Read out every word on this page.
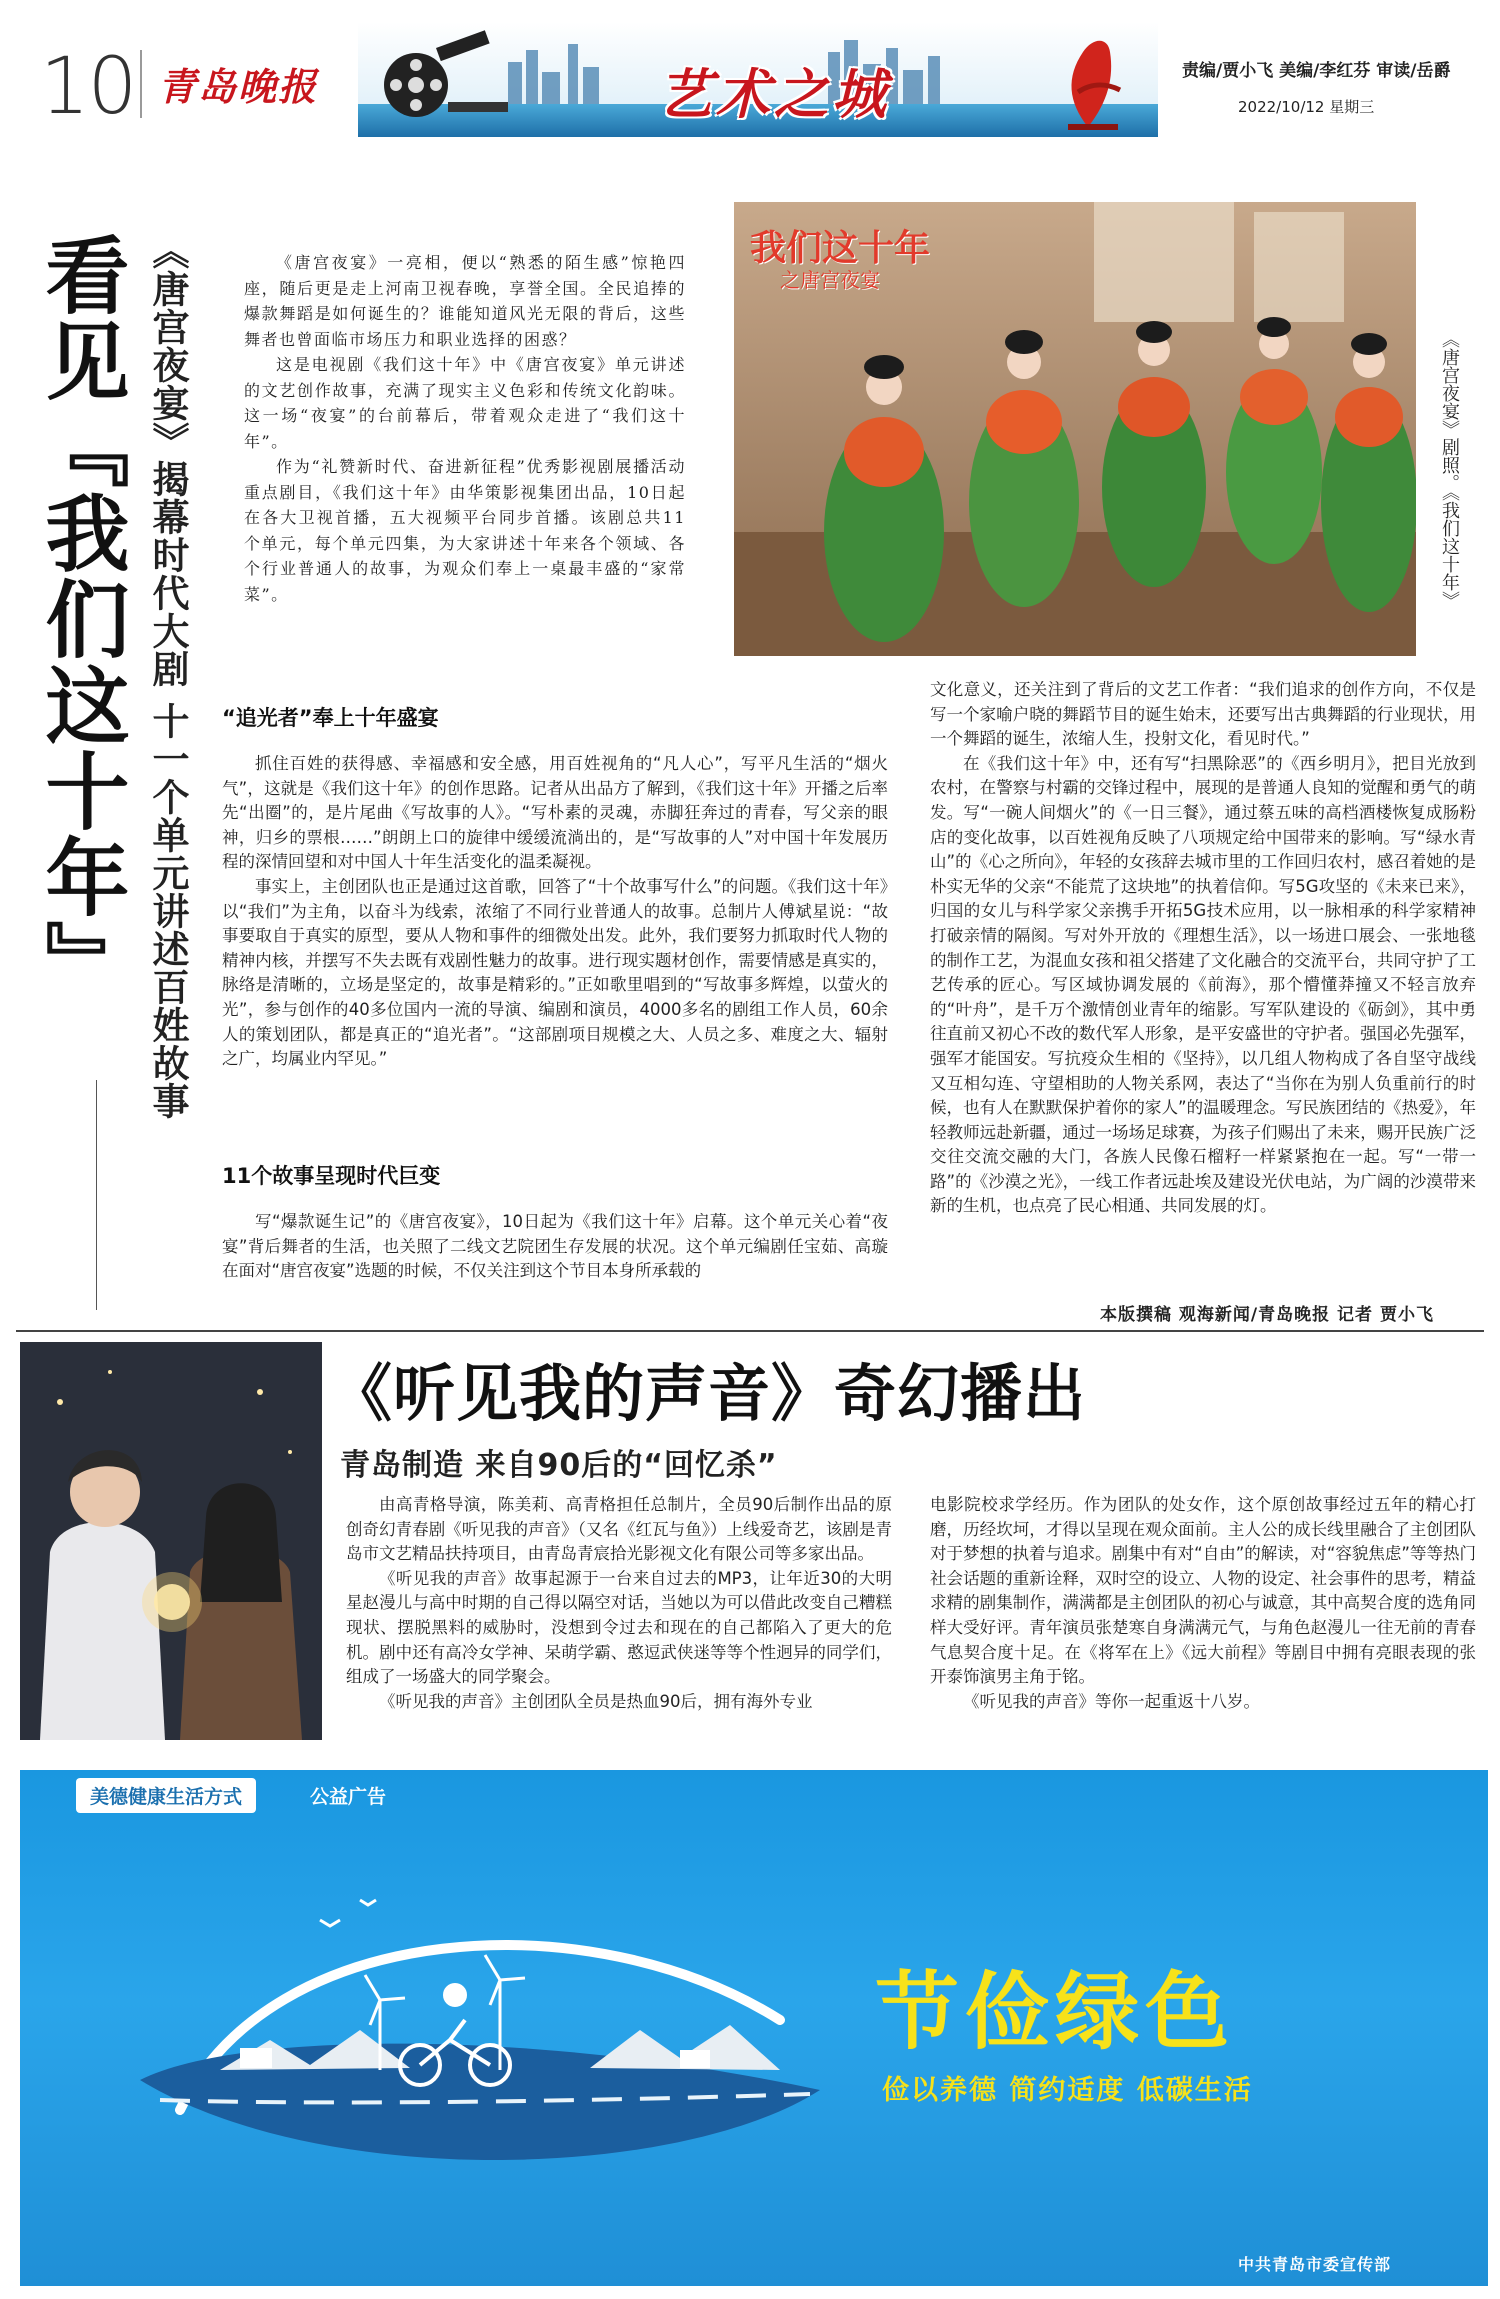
10 青岛晚报	艺术之城	责编/贾小飞 美编/李红芬 审读/岳爵
2022/10/12 星期三
看见『我们这十年』 《唐宫夜宴》揭幕时代大剧 十一个单元讲述百姓故事	《唐宫夜宴》一亮相，便以“熟悉的陌生感”惊艳四座，随后更是走上河南卫视春晚，享誉全国。全民追捧的爆款舞蹈是如何诞生的？谁能知道风光无限的背后，这些舞者也曾面临市场压力和职业选择的困惑？

这是电视剧《我们这十年》中《唐宫夜宴》单元讲述的文艺创作故事，充满了现实主义色彩和传统文化韵味。这一场“夜宴”的台前幕后，带着观众走进了“我们这十年”。

作为“礼赞新时代、奋进新征程”优秀影视剧展播活动重点剧目，《我们这十年》由华策影视集团出品，10日起在各大卫视首播，五大视频平台同步首播。该剧总共11个单元，每个单元四集，为大家讲述十年来各个领域、各个行业普通人的故事，为观众们奉上一桌最丰盛的“家常菜”。

我们这十年
之唐宫夜宴
《唐宫夜宴》剧照。《我们这十年》
“追光者”奉上十年盛宴

抓住百姓的获得感、幸福感和安全感，用百姓视角的“凡人心”，写平凡生活的“烟火气”，这就是《我们这十年》的创作思路。记者从出品方了解到，《我们这十年》开播之后率先“出圈”的，是片尾曲《写故事的人》。“写朴素的灵魂，赤脚狂奔过的青春，写父亲的眼神，归乡的票根……”朗朗上口的旋律中缓缓流淌出的，是“写故事的人”对中国十年发展历程的深情回望和对中国人十年生活变化的温柔凝视。

事实上，主创团队也正是通过这首歌，回答了“十个故事写什么”的问题。《我们这十年》以“我们”为主角，以奋斗为线索，浓缩了不同行业普通人的故事。总制片人傅斌星说：“故事要取自于真实的原型，要从人物和事件的细微处出发。此外，我们要努力抓取时代人物的精神内核，并摆写不失去既有戏剧性魅力的故事。进行现实题材创作，需要情感是真实的，脉络是清晰的，立场是坚定的，故事是精彩的。”正如歌里唱到的“写故事多辉煌，以萤火的光”，参与创作的40多位国内一流的导演、编剧和演员，4000多名的剧组工作人员，60余人的策划团队，都是真正的“追光者”。“这部剧项目规模之大、人员之多、难度之大、辐射之广，均属业内罕见。”

11个故事呈现时代巨变

写“爆款诞生记”的《唐宫夜宴》，10日起为《我们这十年》启幕。这个单元关心着“夜宴”背后舞者的生活，也关照了二线文艺院团生存发展的状况。这个单元编剧任宝茹、高璇在面对“唐宫夜宴”选题的时候，不仅关注到这个节目本身所承载的

文化意义，还关注到了背后的文艺工作者：“我们追求的创作方向，不仅是写一个家喻户晓的舞蹈节目的诞生始末，还要写出古典舞蹈的行业现状，用一个舞蹈的诞生，浓缩人生，投射文化，看见时代。”

在《我们这十年》中，还有写“扫黑除恶”的《西乡明月》，把目光放到农村，在警察与村霸的交锋过程中，展现的是普通人良知的觉醒和勇气的萌发。写“一碗人间烟火”的《一日三餐》，通过蔡五味的高档酒楼恢复成肠粉店的变化故事，以百姓视角反映了八项规定给中国带来的影响。写“绿水青山”的《心之所向》，年轻的女孩辞去城市里的工作回归农村，感召着她的是朴实无华的父亲“不能荒了这块地”的执着信仰。写5G攻坚的《未来已来》，归国的女儿与科学家父亲携手开拓5G技术应用，以一脉相承的科学家精神打破亲情的隔阂。写对外开放的《理想生活》，以一场进口展会、一张地毯的制作工艺，为混血女孩和祖父搭建了文化融合的交流平台，共同守护了工艺传承的匠心。写区域协调发展的《前海》，那个懵懂莽撞又不轻言放弃的“叶舟”，是千万个激情创业青年的缩影。写军队建设的《砺剑》，其中勇往直前又初心不改的数代军人形象，是平安盛世的守护者。强国必先强军，强军才能国安。写抗疫众生相的《坚持》，以几组人物构成了各自坚守战线又互相勾连、守望相助的人物关系网，表达了“当你在为别人负重前行的时候，也有人在默默保护着你的家人”的温暖理念。写民族团结的《热爱》，年轻教师远赴新疆，通过一场场足球赛，为孩子们赐出了未来，赐开民族广泛交往交流交融的大门，各族人民像石榴籽一样紧紧抱在一起。写“一带一路”的《沙漠之光》，一线工作者远赴埃及建设光伏电站，为广阔的沙漠带来新的生机，也点亮了民心相通、共同发展的灯。

本版撰稿 观海新闻/青岛晚报 记者 贾小飞
《听见我的声音》奇幻播出
青岛制造 来自90后的“回忆杀”

由高青格导演，陈美莉、高青格担任总制片，全员90后制作出品的原创奇幻青春剧《听见我的声音》（又名《红瓦与鱼》）上线爱奇艺，该剧是青岛市文艺精品扶持项目，由青岛青宸拾光影视文化有限公司等多家出品。

《听见我的声音》故事起源于一台来自过去的MP3，让年近30的大明星赵漫儿与高中时期的自己得以隔空对话，当她以为可以借此改变自己糟糕现状、摆脱黑料的威胁时，没想到令过去和现在的自己都陷入了更大的危机。剧中还有高冷女学神、呆萌学霸、憨逗武侠迷等等个性迥异的同学们，组成了一场盛大的同学聚会。

《听见我的声音》主创团队全员是热血90后，拥有海外专业

电影院校求学经历。作为团队的处女作，这个原创故事经过五年的精心打磨，历经坎坷，才得以呈现在观众面前。主人公的成长线里融合了主创团队对于梦想的执着与追求。剧集中有对“自由”的解读，对“容貌焦虑”等等热门社会话题的重新诠释，双时空的设立、人物的设定、社会事件的思考，精益求精的剧集制作，满满都是主创团队的初心与诚意，其中高契合度的选角同样大受好评。青年演员张楚寒自身满满元气，与角色赵漫儿一往无前的青春气息契合度十足。在《将军在上》《远大前程》等剧目中拥有亮眼表现的张开泰饰演男主角于铭。

《听见我的声音》等你一起重返十八岁。

美德健康生活方式	公益广告
节俭绿色
俭以养德 简约适度 低碳生活
中共青岛市委宣传部
